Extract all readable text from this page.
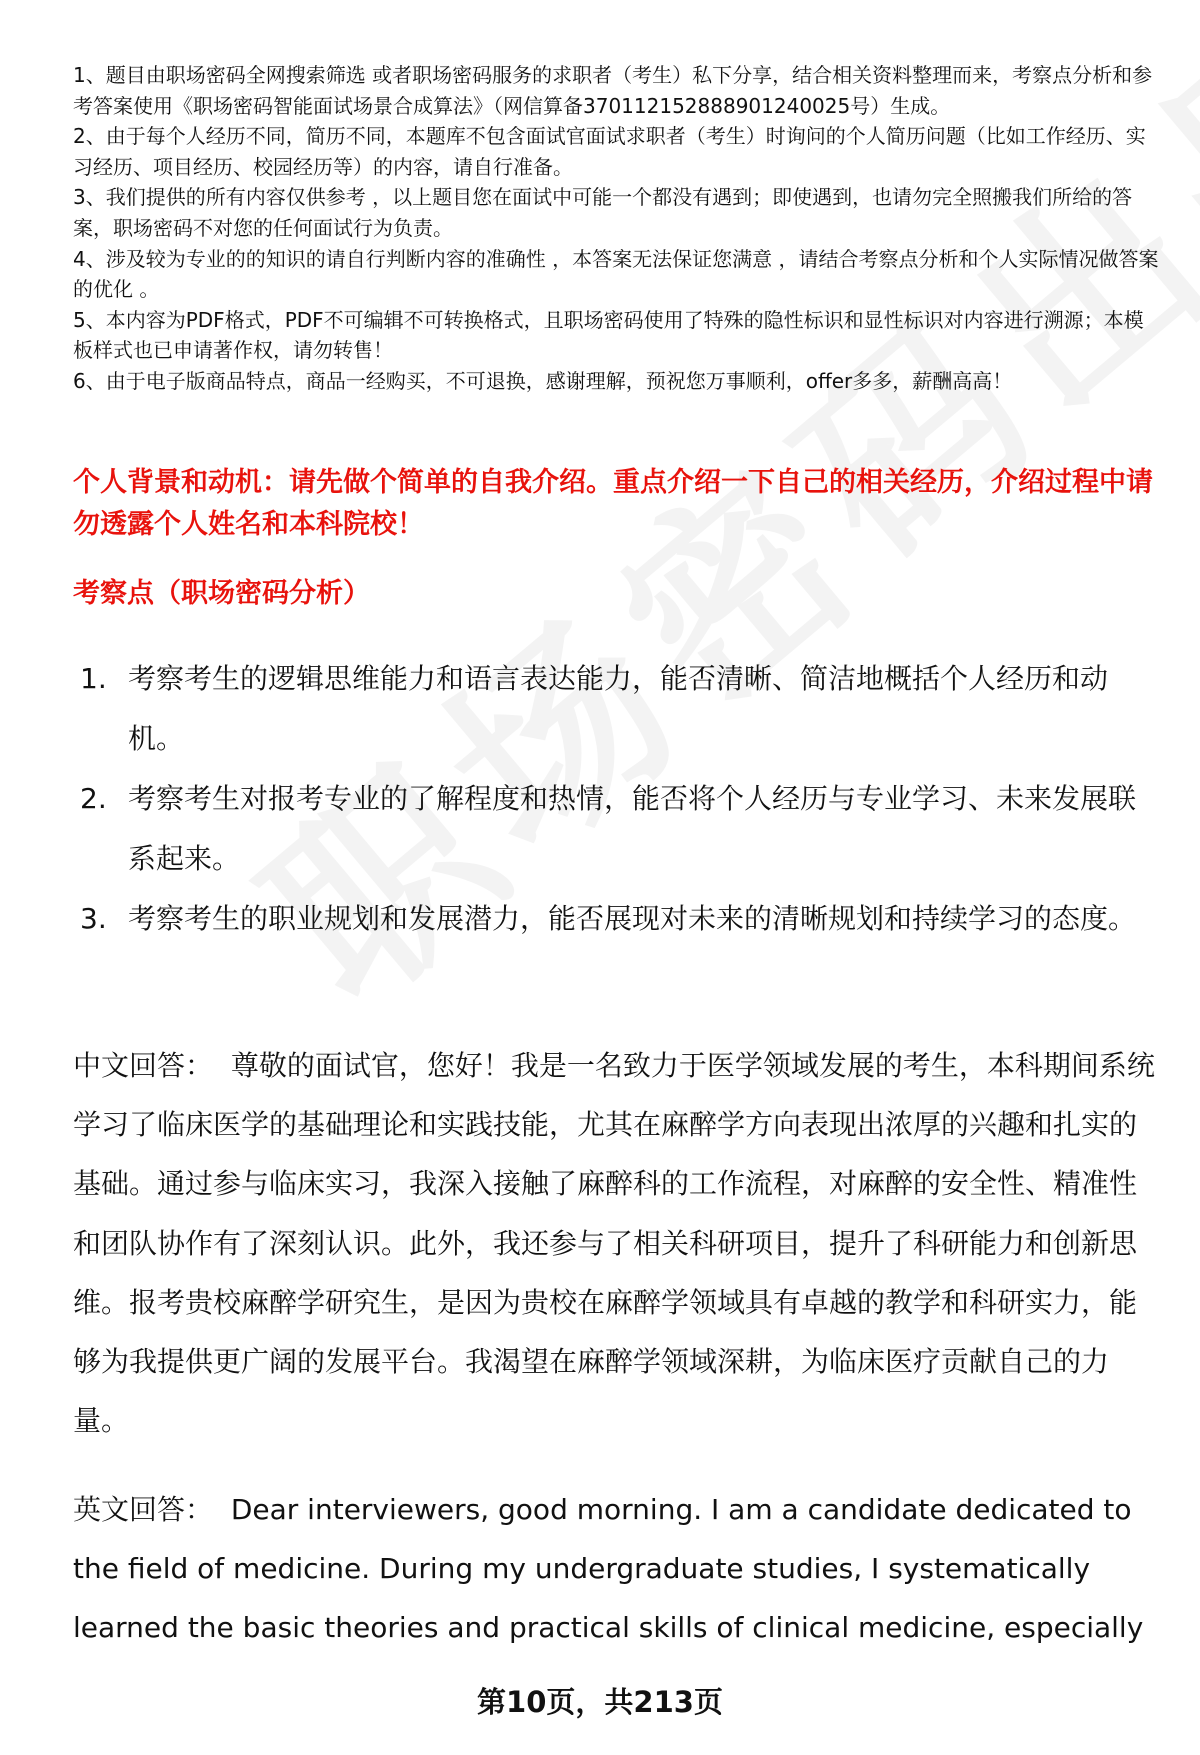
1、题目由职场密码全网搜索筛选 或者职场密码服务的求职者（考生）私下分享，结合相关资料整理而来，考察点分析和参考答案使用《职场密码智能面试场景合成算法》（网信算备370112152888901240025号）生成。

2、由于每个人经历不同，简历不同，本题库不包含面试官面试求职者（考生）时询问的个人简历问题（比如工作经历、实习经历、项目经历、校园经历等）的内容，请自行准备。

3、我们提供的所有内容仅供参考 ，以上题目您在面试中可能一个都没有遇到；即使遇到，也请勿完全照搬我们所给的答案，职场密码不对您的任何面试行为负责。

4、涉及较为专业的的知识的请自行判断内容的准确性 ，本答案无法保证您满意 ，请结合考察点分析和个人实际情况做答案的优化 。

5、本内容为PDF格式，PDF不可编辑不可转换格式，且职场密码使用了特殊的隐性标识和显性标识对内容进行溯源；本模板样式也已申请著作权，请勿转售！

6、由于电子版商品特点，商品一经购买，不可退换，感谢理解，预祝您万事顺利，offer多多，薪酬高高！

个人背景和动机：请先做个简单的自我介绍。重点介绍一下自己的相关经历，介绍过程中请勿透露个人姓名和本科院校！
考察点（职场密码分析）
1. 考察考生的逻辑思维能力和语言表达能力，能否清晰、简洁地概括个人经历和动机。
2. 考察考生对报考专业的了解程度和热情，能否将个人经历与专业学习、未来发展联系起来。
3. 考察考生的职业规划和发展潜力，能否展现对未来的清晰规划和持续学习的态度。

中文回答： 尊敬的面试官，您好！我是一名致力于医学领域发展的考生，本科期间系统学习了临床医学的基础理论和实践技能，尤其在麻醉学方向表现出浓厚的兴趣和扎实的基础。通过参与临床实习，我深入接触了麻醉科的工作流程，对麻醉的安全性、精准性和团队协作有了深刻认识。此外，我还参与了相关科研项目，提升了科研能力和创新思维。报考贵校麻醉学研究生，是因为贵校在麻醉学领域具有卓越的教学和科研实力，能够为我提供更广阔的发展平台。我渴望在麻醉学领域深耕，为临床医疗贡献自己的力量。

英文回答： Dear interviewers, good morning. I am a candidate dedicated to the field of medicine. During my undergraduate studies, I systematically learned the basic theories and practical skills of clinical medicine, especially

第10页，共213页
